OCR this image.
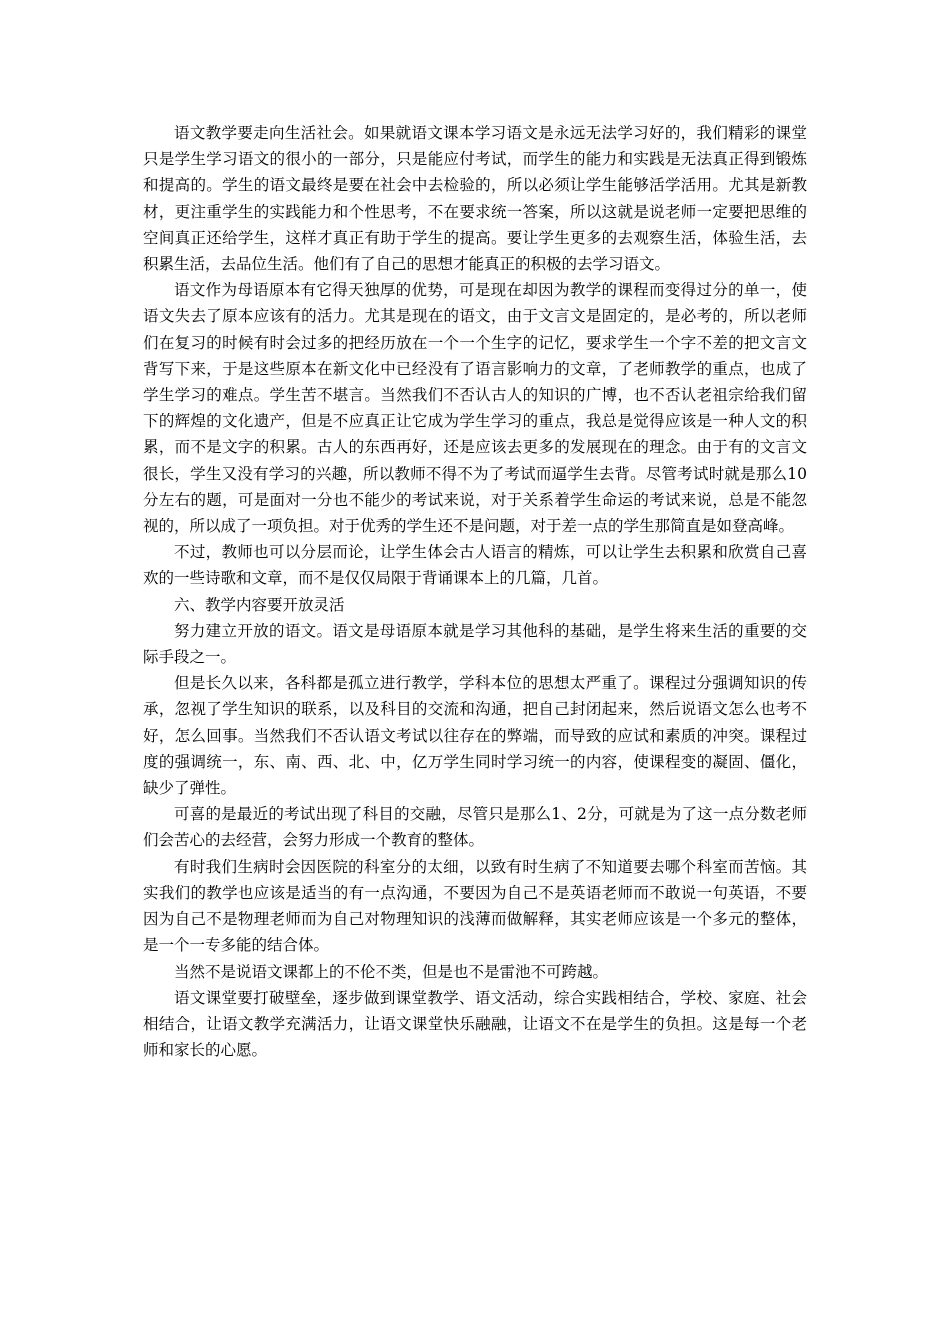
语文教学要走向生活社会。如果就语文课本学习语文是永远无法学习好的，我们精彩的课堂只是学生学习语文的很小的一部分，只是能应付考试，而学生的能力和实践是无法真正得到锻炼和提高的。学生的语文最终是要在社会中去检验的，所以必须让学生能够活学活用。尤其是新教材，更注重学生的实践能力和个性思考，不在要求统一答案，所以这就是说老师一定要把思维的空间真正还给学生，这样才真正有助于学生的提高。要让学生更多的去观察生活，体验生活，去积累生活，去品位生活。他们有了自己的思想才能真正的积极的去学习语文。

语文作为母语原本有它得天独厚的优势，可是现在却因为教学的课程而变得过分的单一，使语文失去了原本应该有的活力。尤其是现在的语文，由于文言文是固定的，是必考的，所以老师们在复习的时候有时会过多的把经历放在一个一个生字的记忆，要求学生一个字不差的把文言文背写下来，于是这些原本在新文化中已经没有了语言影响力的文章，了老师教学的重点，也成了学生学习的难点。学生苦不堪言。当然我们不否认古人的知识的广博，也不否认老祖宗给我们留下的辉煌的文化遗产，但是不应真正让它成为学生学习的重点，我总是觉得应该是一种人文的积累，而不是文字的积累。古人的东西再好，还是应该去更多的发展现在的理念。由于有的文言文很长，学生又没有学习的兴趣，所以教师不得不为了考试而逼学生去背。尽管考试时就是那么10分左右的题，可是面对一分也不能少的考试来说，对于关系着学生命运的考试来说，总是不能忽视的，所以成了一项负担。对于优秀的学生还不是问题，对于差一点的学生那简直是如登高峰。

不过，教师也可以分层而论，让学生体会古人语言的精炼，可以让学生去积累和欣赏自己喜欢的一些诗歌和文章，而不是仅仅局限于背诵课本上的几篇，几首。

六、教学内容要开放灵活

努力建立开放的语文。语文是母语原本就是学习其他科的基础，是学生将来生活的重要的交际手段之一。

但是长久以来，各科都是孤立进行教学，学科本位的思想太严重了。课程过分强调知识的传承，忽视了学生知识的联系，以及科目的交流和沟通，把自己封闭起来，然后说语文怎么也考不好，怎么回事。当然我们不否认语文考试以往存在的弊端，而导致的应试和素质的冲突。课程过度的强调统一，东、南、西、北、中，亿万学生同时学习统一的内容，使课程变的凝固、僵化，缺少了弹性。

可喜的是最近的考试出现了科目的交融，尽管只是那么1、2分，可就是为了这一点分数老师们会苦心的去经营，会努力形成一个教育的整体。

有时我们生病时会因医院的科室分的太细，以致有时生病了不知道要去哪个科室而苦恼。其实我们的教学也应该是适当的有一点沟通，不要因为自己不是英语老师而不敢说一句英语，不要因为自己不是物理老师而为自己对物理知识的浅薄而做解释，其实老师应该是一个多元的整体，是一个一专多能的结合体。

当然不是说语文课都上的不伦不类，但是也不是雷池不可跨越。

语文课堂要打破壁垒，逐步做到课堂教学、语文活动，综合实践相结合，学校、家庭、社会相结合，让语文教学充满活力，让语文课堂快乐融融，让语文不在是学生的负担。这是每一个老师和家长的心愿。
